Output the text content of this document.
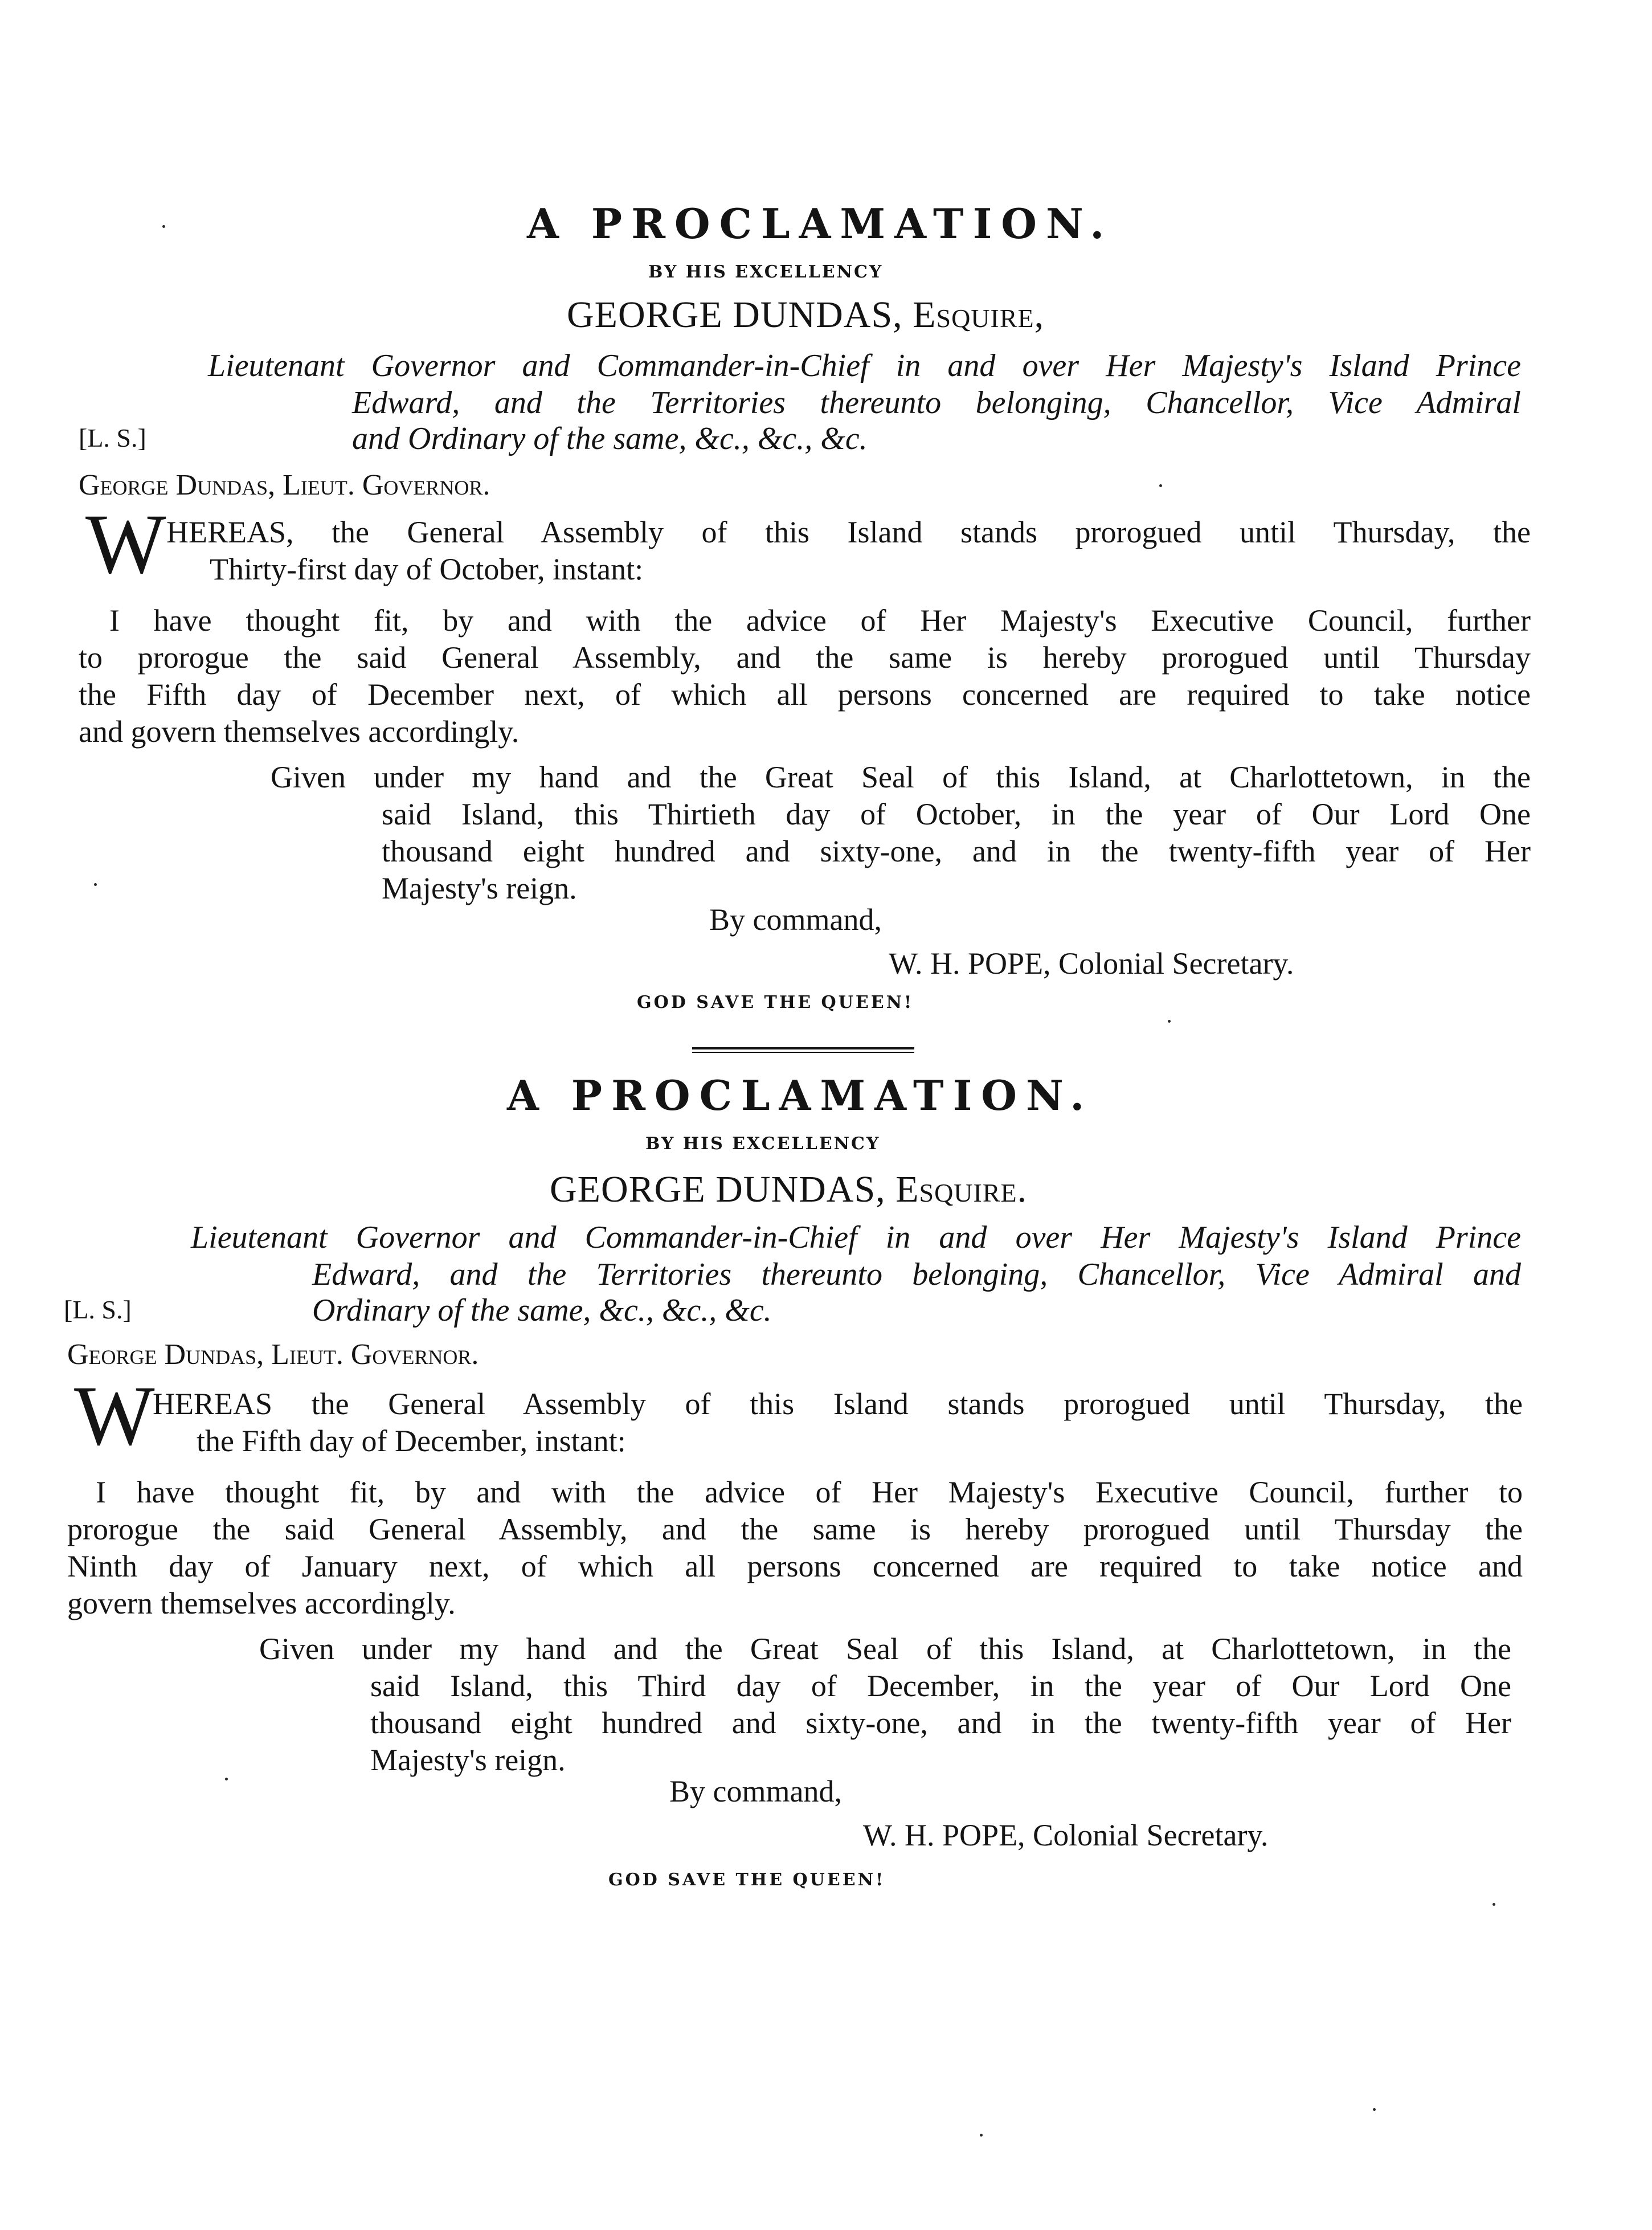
A PROCLAMATION.
BY HIS EXCELLENCY
GEORGE DUNDAS, Esquire,
Lieutenant Governor and Commander-in-Chief in and over Her Majesty's Island Prince
Edward, and the Territories thereunto belonging, Chancellor, Vice Admiral
[L. S.]	and Ordinary of the same, &c., &c., &c.
George Dundas, Lieut. Governor.
W HEREAS, the General Assembly of this Island stands prorogued until Thursday, the
Thirty-first day of October, instant:
I have thought fit, by and with the advice of Her Majesty's Executive Council, further
to prorogue the said General Assembly, and the same is hereby prorogued until Thursday
the Fifth day of December next, of which all persons concerned are required to take notice
and govern themselves accordingly.
Given under my hand and the Great Seal of this Island, at Charlottetown, in the
said Island, this Thirtieth day of October, in the year of Our Lord One
thousand eight hundred and sixty-one, and in the twenty-fifth year of Her
Majesty's reign.
By command,
W. H. POPE, Colonial Secretary.
GOD SAVE THE QUEEN!
A PROCLAMATION.
BY HIS EXCELLENCY
GEORGE DUNDAS, Esquire.
Lieutenant Governor and Commander-in-Chief in and over Her Majesty's Island Prince
Edward, and the Territories thereunto belonging, Chancellor, Vice Admiral and
[L. S.]	Ordinary of the same, &c., &c., &c.
George Dundas, Lieut. Governor.
W
HEREAS the General Assembly of this Island stands prorogued until Thursday, the
the Fifth day of December, instant:
I have thought fit, by and with the advice of Her Majesty's Executive Council, further to
prorogue the said General Assembly, and the same is hereby prorogued until Thursday the
Ninth day of January next, of which all persons concerned are required to take notice and
govern themselves accordingly.
Given under my hand and the Great Seal of this Island, at Charlottetown, in the
said Island, this Third day of December, in the year of Our Lord One
thousand eight hundred and sixty-one, and in the twenty-fifth year of Her
Majesty's reign.
By command,
W. H. POPE, Colonial Secretary.
GOD SAVE THE QUEEN!
